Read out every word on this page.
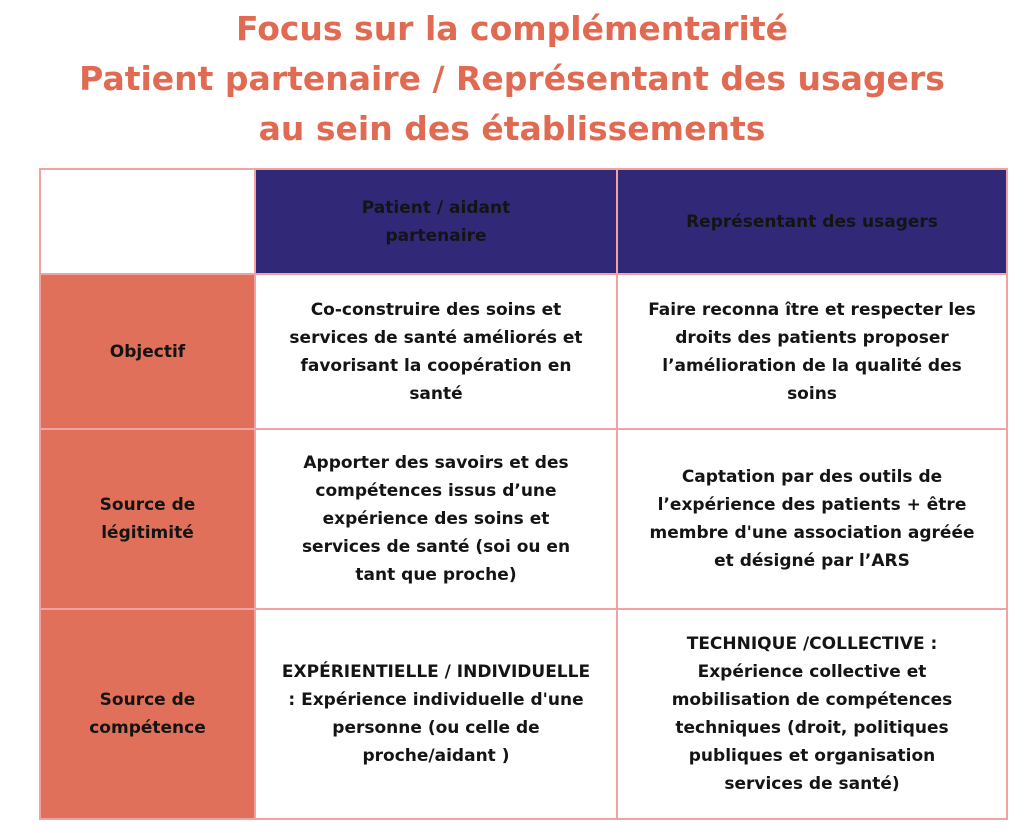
Focus sur la complémentarité
Patient partenaire / Représentant des usagers
au sein des établissements
	Patient / aidant partenaire	Représentant des usagers
Objectif	Co-construire des soins et services de santé améliorés et favorisant la coopération en santé	Faire reconna ître et respecter les droits des patients proposer l’amélioration de la qualité des soins
Source de légitimité	Apporter des savoirs et des compétences issus d’une expérience des soins et services de santé (soi ou en tant que proche)	Captation par des outils de l’expérience des patients + être membre d'une association agréée et désigné par l’ARS
Source de compétence	EXPÉRIENTIELLE / INDIVIDUELLE : Expérience individuelle d'une personne (ou celle de proche/aidant )	TECHNIQUE /COLLECTIVE : Expérience collective et mobilisation de compétences techniques (droit, politiques publiques et organisation services de santé)
